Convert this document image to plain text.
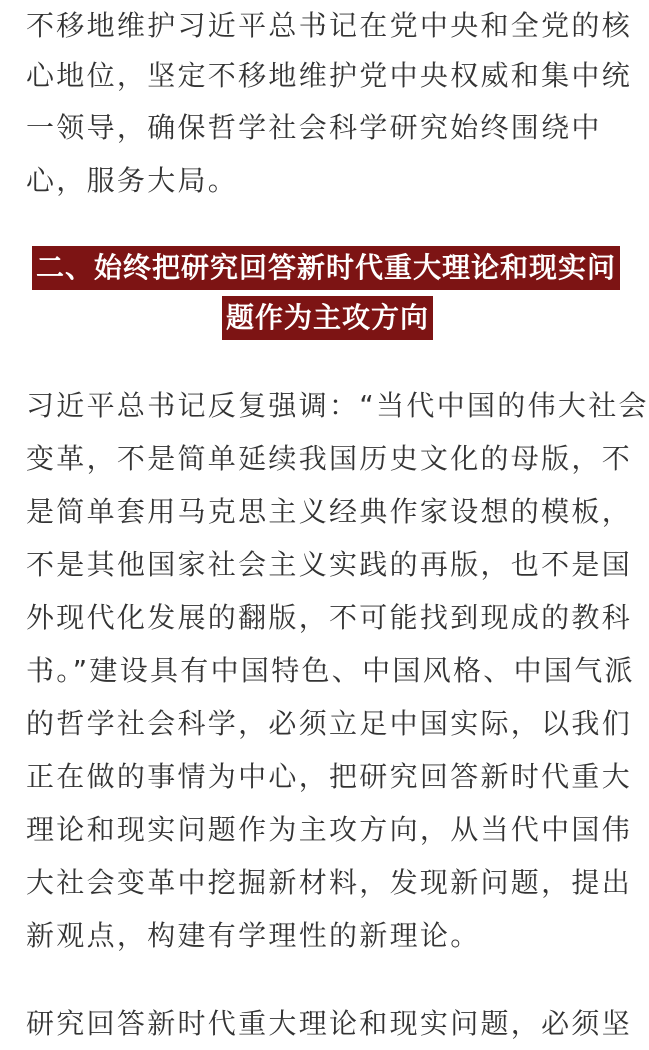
不移地维护习近平总书记在党中央和全党的核
心地位，坚定不移地维护党中央权威和集中统
一领导，确保哲学社会科学研究始终围绕中
心，服务大局。
二、始终把研究回答新时代重大理论和现实问
题作为主攻方向
习近平总书记反复强调：“当代中国的伟大社会
变革，不是简单延续我国历史文化的母版，不
是简单套用马克思主义经典作家设想的模板，
不是其他国家社会主义实践的再版，也不是国
外现代化发展的翻版，不可能找到现成的教科
书。”建设具有中国特色、中国风格、中国气派
的哲学社会科学，必须立足中国实际，以我们
正在做的事情为中心，把研究回答新时代重大
理论和现实问题作为主攻方向，从当代中国伟
大社会变革中挖掘新材料，发现新问题，提出
新观点，构建有学理性的新理论。
研究回答新时代重大理论和现实问题，必须坚
